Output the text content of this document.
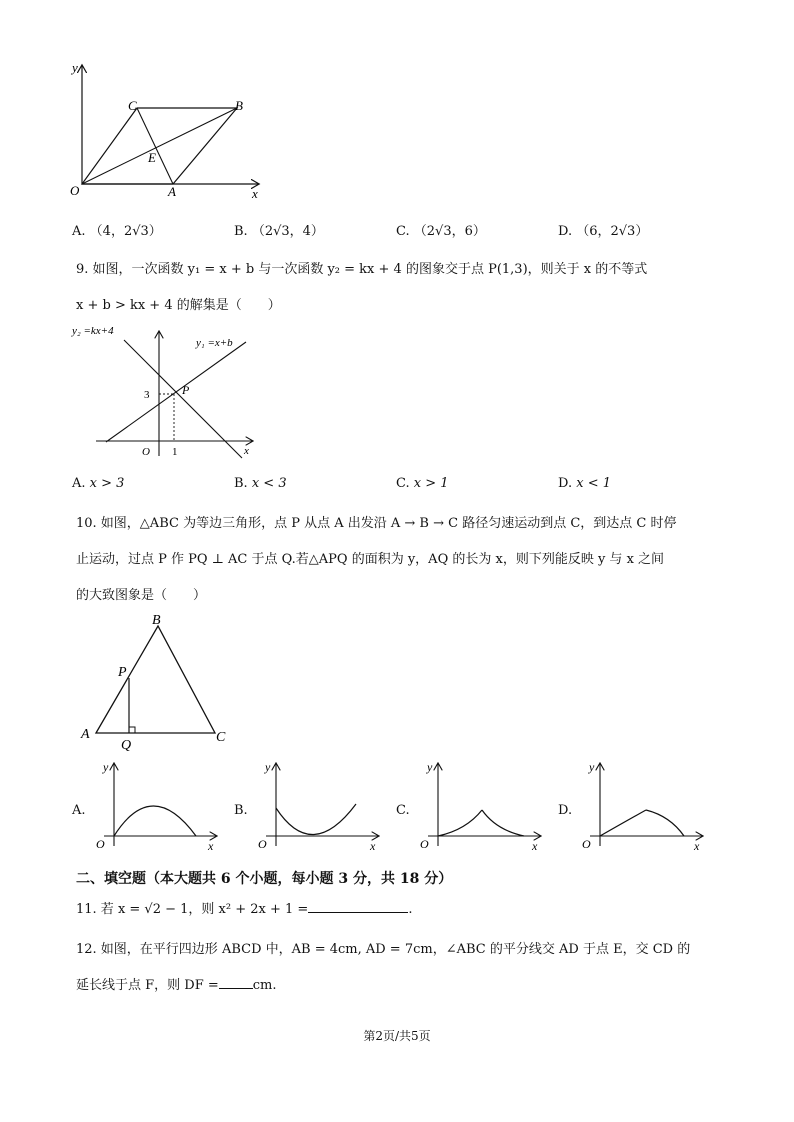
y
x
O	A
B
C
E
A. （4，2√3）	B. （2√3，4）	C. （2√3，6）	D. （6，2√3）
9. 如图，一次函数 y₁ = x + b 与一次函数 y₂ = kx + 4 的图象交于点 P(1,3)，则关于 x 的不等式
x + b > kx + 4 的解集是（　　）
y₂ =kx+4
y₁ =x+b
P
3
O 1	x
A. x > 3	B. x < 3	C. x > 1	D. x < 1
10. 如图，△ABC 为等边三角形，点 P 从点 A 出发沿 A → B → C 路径匀速运动到点 C，到达点 C 时停
止运动，过点 P 作 PQ ⊥ AC 于点 Q.若△APQ 的面积为 y，AQ 的长为 x，则下列能反映 y 与 x 之间
的大致图象是（　　）
B
P
A	C
Q
A.
y
O	x
B.
y
O	x
C.
y
O	x
D.
y
O	x
二、填空题（本大题共 6 个小题，每小题 3 分，共 18 分）
11. 若 x = √2 − 1，则 x² + 2x + 1 =	.
12. 如图，在平行四边形 ABCD 中，AB = 4cm, AD = 7cm，∠ABC 的平分线交 AD 于点 E，交 CD 的
延长线于点 F，则 DF =	cm.
第2页/共5页
